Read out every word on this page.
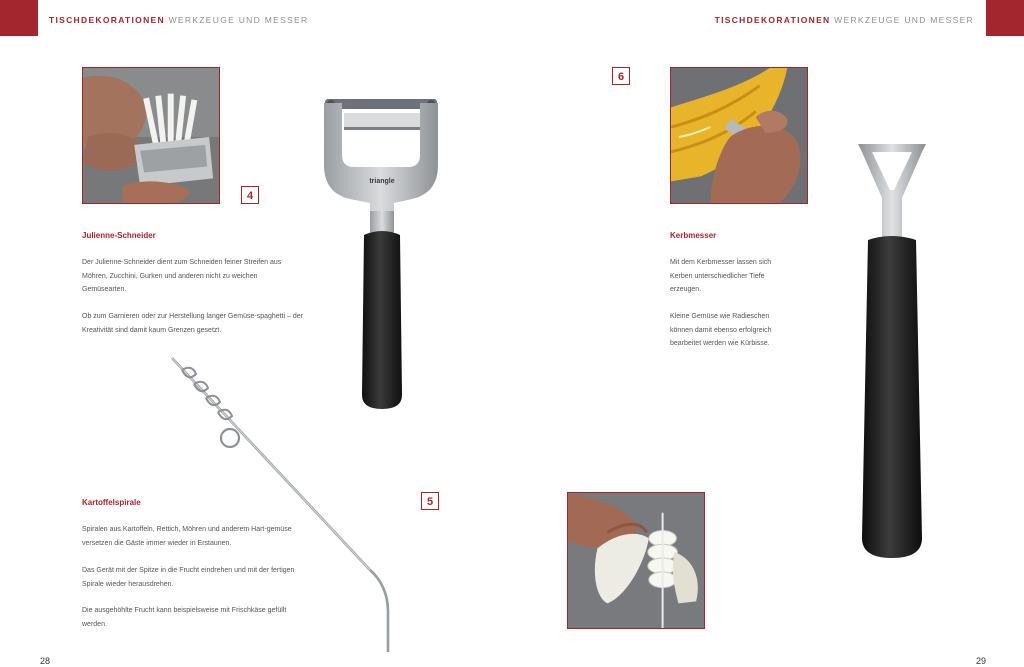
TISCHDEKORATIONEN WERKZEUGE UND MESSER
4
Julienne-Schneider

Der Julienne-Schneider dient zum Schneiden feiner Streifen aus Möhren, Zucchini, Gurken und anderen nicht zu weichen Gemüsearten.

Ob zum Garnieren oder zur Herstellung langer Gemüse-spaghetti – der Kreativität sind damit kaum Grenzen gesetzt.

triangle
5
Kartoffelspirale

Spiralen aus Kartoffeln, Rettich, Möhren und anderem Hart-gemüse versetzen die Gäste immer wieder in Erstaunen.

Das Gerät mit der Spitze in die Frucht eindrehen und mit der fertigen Spirale wieder herausdrehen.

Die ausgehöhlte Frucht kann beispielsweise mit Frischkäse gefüllt werden.

28
TISCHDEKORATIONEN WERKZEUGE UND MESSER
6
Kerbmesser

Mit dem Kerbmesser lassen sich Kerben unterschiedlicher Tiefe erzeugen.

Kleine Gemüse wie Radieschen können damit ebenso erfolgreich bearbeitet werden wie Kürbisse.

29
